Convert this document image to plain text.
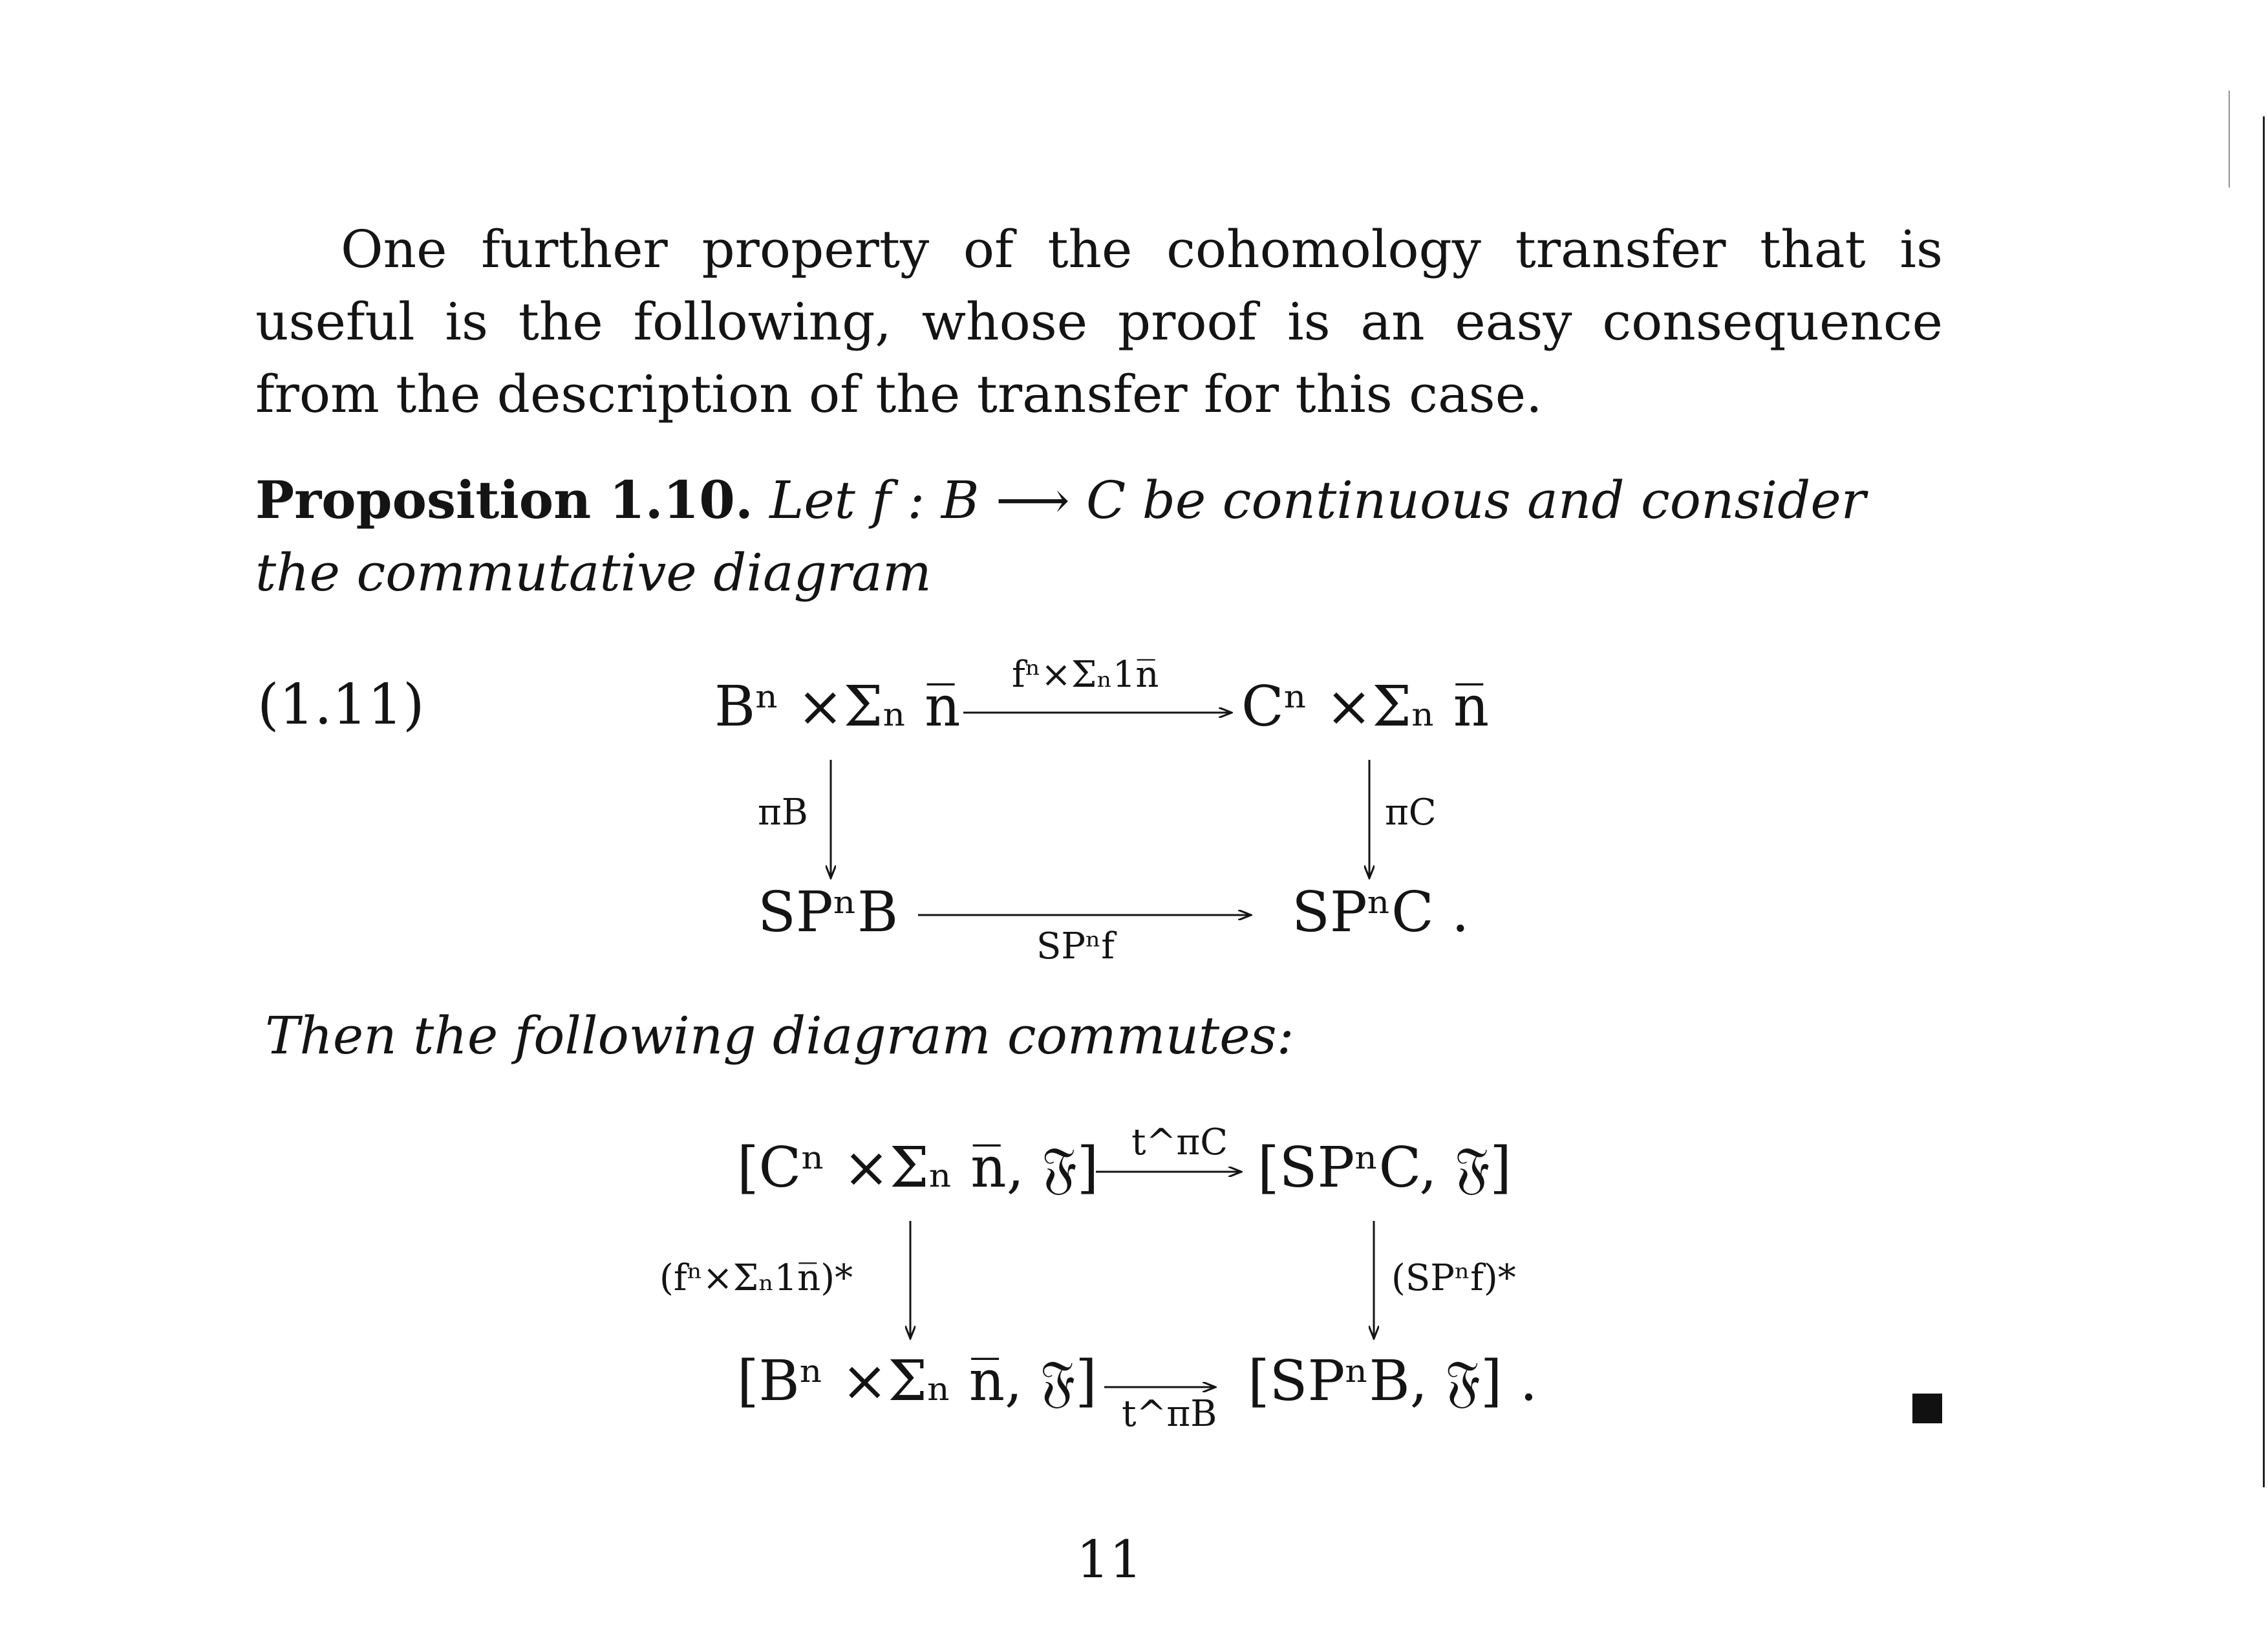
One further property of the cohomology transfer that is useful is the following, whose proof is an easy consequence from the description of the transfer for this case.

Proposition 1.10. Let f : B ⟶ C be continuous and consider the commutative diagram

(1.11)	Bⁿ ×Σₙ n̅	Cⁿ ×Σₙ n̅
SPⁿB	SPⁿC .
fⁿ×Σₙ1n̅
SPⁿf
πB	πC
[Cⁿ ×Σₙ n̅, 𝔉]	[SPⁿC, 𝔉]
[Bⁿ ×Σₙ n̅, 𝔉]	[SPⁿB, 𝔉] .
t^πC
t^πB
(fⁿ×Σₙ1n̅)*	(SPⁿf)*
Then the following diagram commutes:
11
